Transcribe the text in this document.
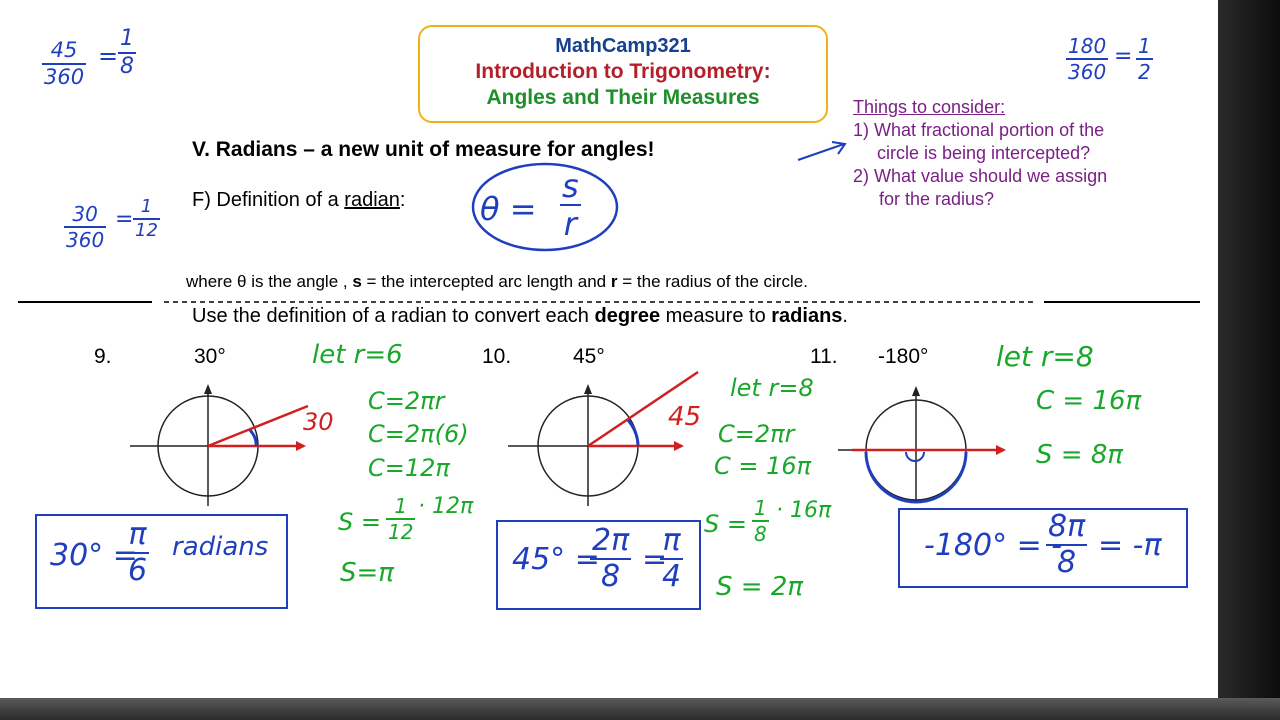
MathCamp321
Introduction to Trigonometry:
Angles and Their Measures
45
360
=
1
8
30
360
=
1
12
180
360
= 1
2
Things to consider:
1) What fractional portion of the
circle is being intercepted?
2) What value should we assign
for the radius?
V. Radians – a new unit of measure for angles!
F) Definition of a radian: θ =
s
r
where θ is the angle , s = the intercepted arc length and r = the radius of the circle.
Use the definition of a radian to convert each degree measure to radians.
9.	30°
30
let r=6
C=2πr
C=2π(6)
C=12π
S =
1
12
· 12π
S=π
30° =
π
6
radians
10.	45°
45
let r=8
C=2πr
C = 16π
S =
1
8
· 16π
S = 2π
45° =
2π
8 =
π
4
11. -180° let r=8
C = 16π
S = 8π
-180° = -
8π
8 = -π
